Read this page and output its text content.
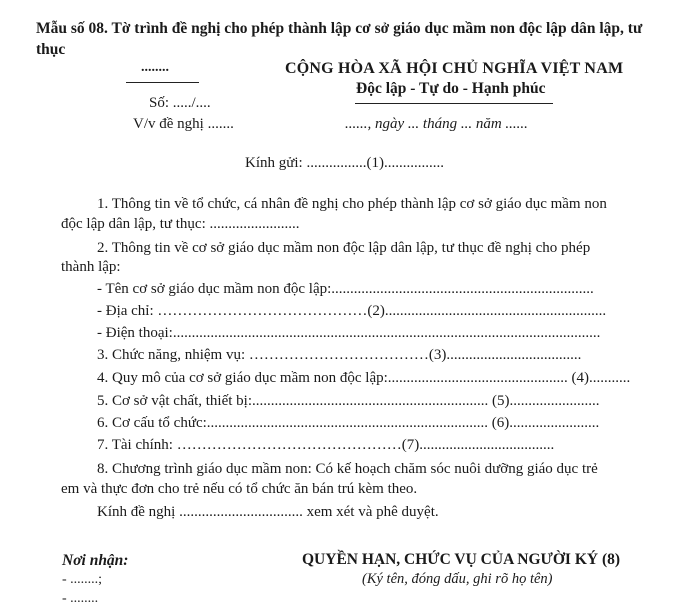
Mẫu số 08. Tờ trình đề nghị cho phép thành lập cơ sở giáo dục mầm non độc lập dân lập, tư thục
........	CỘNG HÒA XÃ HỘI CHỦ NGHĨA VIỆT NAM
Độc lập - Tự do - Hạnh phúc
Số: ...../....
V/v đề nghị .......	......, ngày ... tháng ... năm ......
Kính gửi: ................(1)................
1. Thông tin về tổ chức, cá nhân đề nghị cho phép thành lập cơ sở giáo dục mầm non
độc lập dân lập, tư thục: ........................
2. Thông tin về cơ sở giáo dục mầm non độc lập dân lập, tư thục đề nghị cho phép
thành lập:
- Tên cơ sở giáo dục mầm non độc lập:......................................................................
- Địa chỉ: ……………………………………(2)...........................................................
- Điện thoại:..................................................................................................................
3. Chức năng, nhiệm vụ: ………………………………(3)....................................
4. Quy mô của cơ sở giáo dục mầm non độc lập:................................................ (4)...........
5. Cơ sở vật chất, thiết bị:............................................................... (5)........................
6. Cơ cấu tổ chức:........................................................................... (6)........................
7. Tài chính: ………………………………………(7)....................................
8. Chương trình giáo dục mầm non: Có kế hoạch chăm sóc nuôi dưỡng giáo dục trẻ
em và thực đơn cho trẻ nếu có tổ chức ăn bán trú kèm theo.
Kính đề nghị ................................. xem xét và phê duyệt.
Nơi nhận:
- ........;
- ........
QUYỀN HẠN, CHỨC VỤ CỦA NGƯỜI KÝ (8)
(Ký tên, đóng dấu, ghi rõ họ tên)
